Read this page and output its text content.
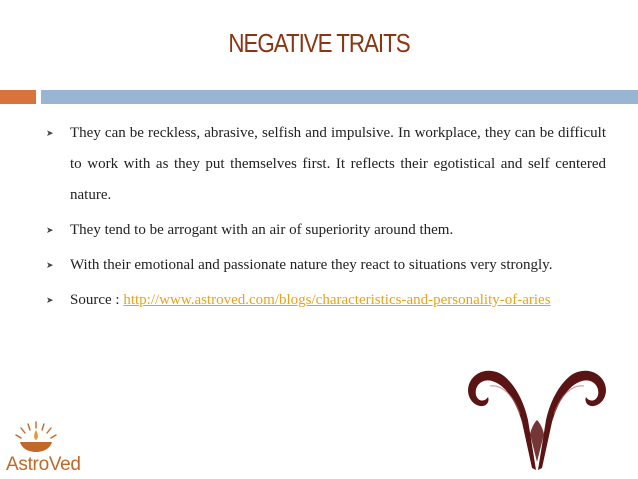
NEGATIVE TRAITS
➤ They can be reckless, abrasive, selfish and impulsive. In workplace, they can be difficult to work with as they put themselves first. It reflects their egotistical and self centered nature.
➤ They tend to be arrogant with an air of superiority around them.
➤ With their emotional and passionate nature they react to situations very strongly.
➤ Source : http://www.astroved.com/blogs/characteristics-and-personality-of-aries
AstroVed
